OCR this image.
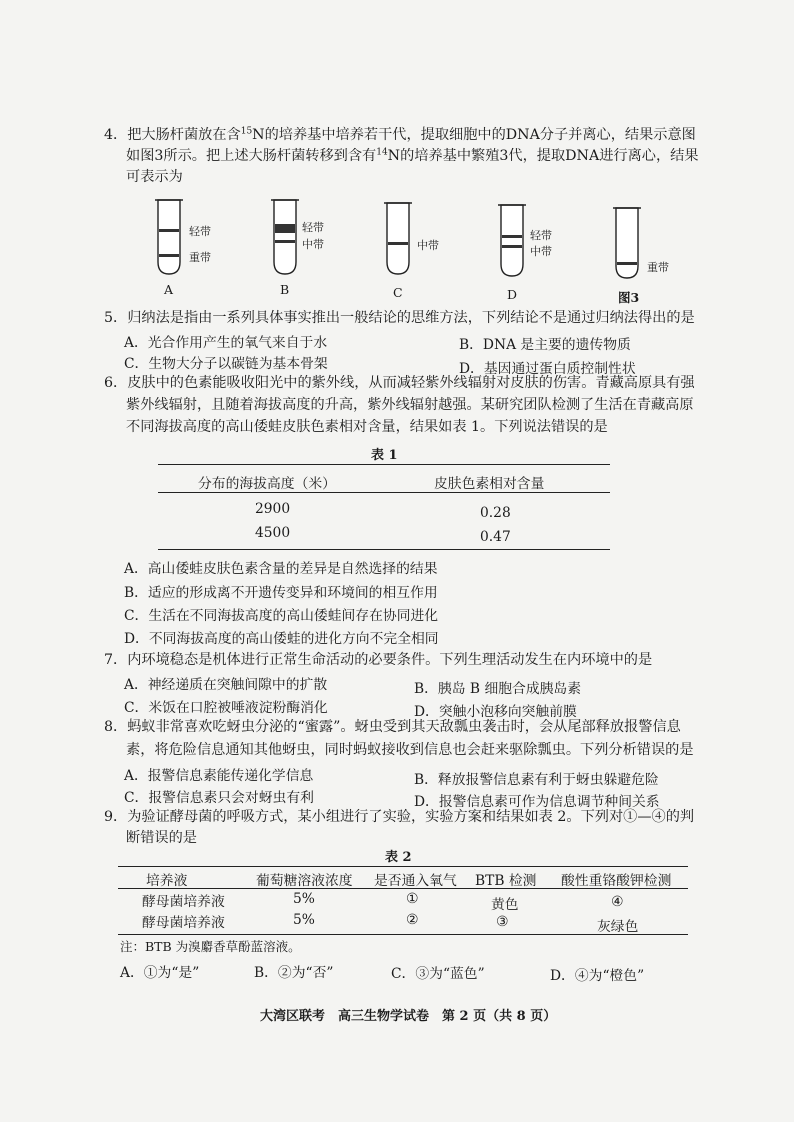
4．把大肠杆菌放在含$^{15}$N的培养基中培养若干代，提取细胞中的DNA分子并离心，结果示意图
如图3所示。把上述大肠杆菌转移到含有$^{14}$N的培养基中繁殖3代，提取DNA进行离心，结果
可表示为
轻带
重带
轻带
中带	中带
轻带
中带
重带
A	B	C	D	图3
5．归纳法是指由一系列具体事实推出一般结论的思维方法，下列结论不是通过归纳法得出的是
A．光合作用产生的氧气来自于水	B．DNA 是主要的遗传物质
C．生物大分子以碳链为基本骨架	D．基因通过蛋白质控制性状
6．皮肤中的色素能吸收阳光中的紫外线，从而减轻紫外线辐射对皮肤的伤害。青藏高原具有强
紫外线辐射，且随着海拔高度的升高，紫外线辐射越强。某研究团队检测了生活在青藏高原
不同海拔高度的高山倭蛙皮肤色素相对含量，结果如表 1。下列说法错误的是
表 1
分布的海拔高度（米）	皮肤色素相对含量
2900	0.28
4500	0.47
A．高山倭蛙皮肤色素含量的差异是自然选择的结果
B．适应的形成离不开遗传变异和环境间的相互作用
C．生活在不同海拔高度的高山倭蛙间存在协同进化
D．不同海拔高度的高山倭蛙的进化方向不完全相同
7．内环境稳态是机体进行正常生命活动的必要条件。下列生理活动发生在内环境中的是
A．神经递质在突触间隙中的扩散	B．胰岛 B 细胞合成胰岛素
C．米饭在口腔被唾液淀粉酶消化	D．突触小泡移向突触前膜
8．蚂蚁非常喜欢吃蚜虫分泌的“蜜露”。蚜虫受到其天敌瓢虫袭击时，会从尾部释放报警信息
素，将危险信息通知其他蚜虫，同时蚂蚁接收到信息也会赶来驱除瓢虫。下列分析错误的是
A．报警信息素能传递化学信息	B．释放报警信息素有利于蚜虫躲避危险
C．报警信息素只会对蚜虫有利	D．报警信息素可作为信息调节种间关系
9．为验证酵母菌的呼吸方式，某小组进行了实验，实验方案和结果如表 2。下列对①—④的判
断错误的是
表 2
培养液	葡萄糖溶液浓度 是否通入氧气 BTB 检测 酸性重铬酸钾检测
酵母菌培养液	5%	①	黄色	④
酵母菌培养液	5%	②	③	灰绿色
注：BTB 为溴麝香草酚蓝溶液。
A．①为“是”	B．②为“否”	C．③为“蓝色”	D．④为“橙色”
大湾区联考　高三生物学试卷　第 2 页（共 8 页）
